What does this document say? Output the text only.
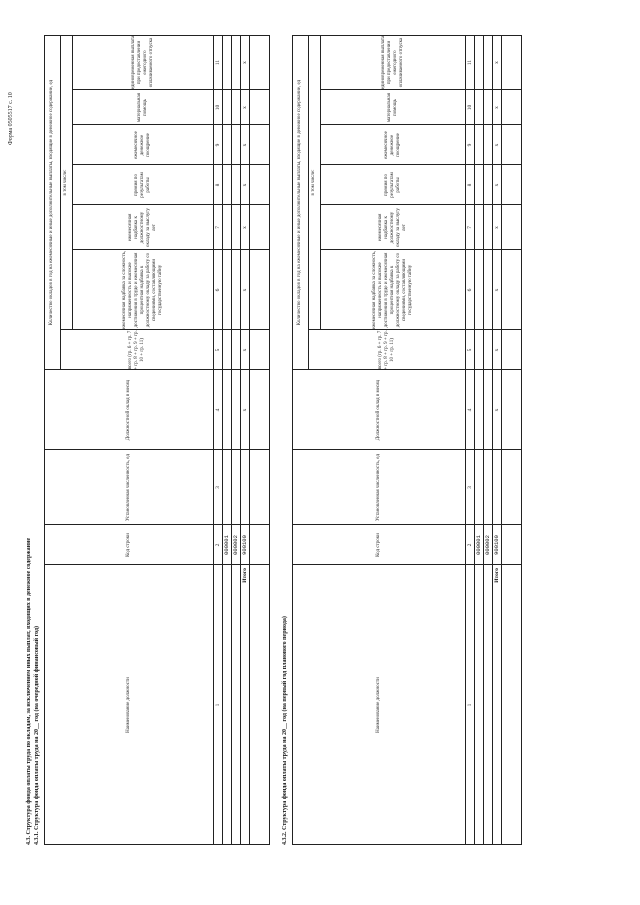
Форма 0505517 с. 10
4.3. Структура фонда оплаты труда по окладам, за исключением иных выплат, входящих в денежное содержание 4.3.1. Структура фонда оплаты труда на 20__ год (на очередной финансовый год)	Наименование должности
Код строки
Установленная численность, ед
Должностной оклад в месяц
Количество окладов в год на ежемесячные и иные дополнительные выплаты, входящие в денежное содержание, ед
всего (гр. 6 + гр. 7 + гр. 8 + гр. 9 + гр. 10 + гр. 11)
в том числе:
ежемесячная надбавка за сложность, напряженность и высокие достижения в труде и ежемесячная процентная надбавка к должностному окладу за работу со сведениями, составляющими государственную тайну
ежемесячная надбавка к должностному окладу за выслугу лет
премия по результатам работы
ежемесячное денежное поощрение
материальная помощь
единовременная выплата при предоставлении ежегодного оплачиваемого отпуска
1
2
3
4
5
6
7
8
9
10
11
000001 000002
Итого
900100
x
x
x
x
x
x
x
x
4.3.2. Структура фонда оплаты труда на 20__ год (на первый год планового периода)	Наименование должности
Код строки
Установленная численность, ед
Должностной оклад в месяц
Количество окладов в год на ежемесячные и иные дополнительные выплаты, входящие в денежное содержание, ед
всего (гр. 6 + гр. 7 + гр. 8 + гр. 9 + гр. 10 + гр. 11)
в том числе:
ежемесячная надбавка за сложность, напряженность и высокие достижения в труде и ежемесячная процентная надбавка к должностному окладу за работу со сведениями, составляющими государственную тайну
ежемесячная надбавка к должностному окладу за выслугу лет
премия по результатам работы
ежемесячное денежное поощрение
материальная помощь
единовременная выплата при предоставлении ежегодного оплачиваемого отпуска
1
2
3
4
5
6
7
8
9
10
11
000001 000002
Итого
900100
x
x
x
x
x
x
x
x
